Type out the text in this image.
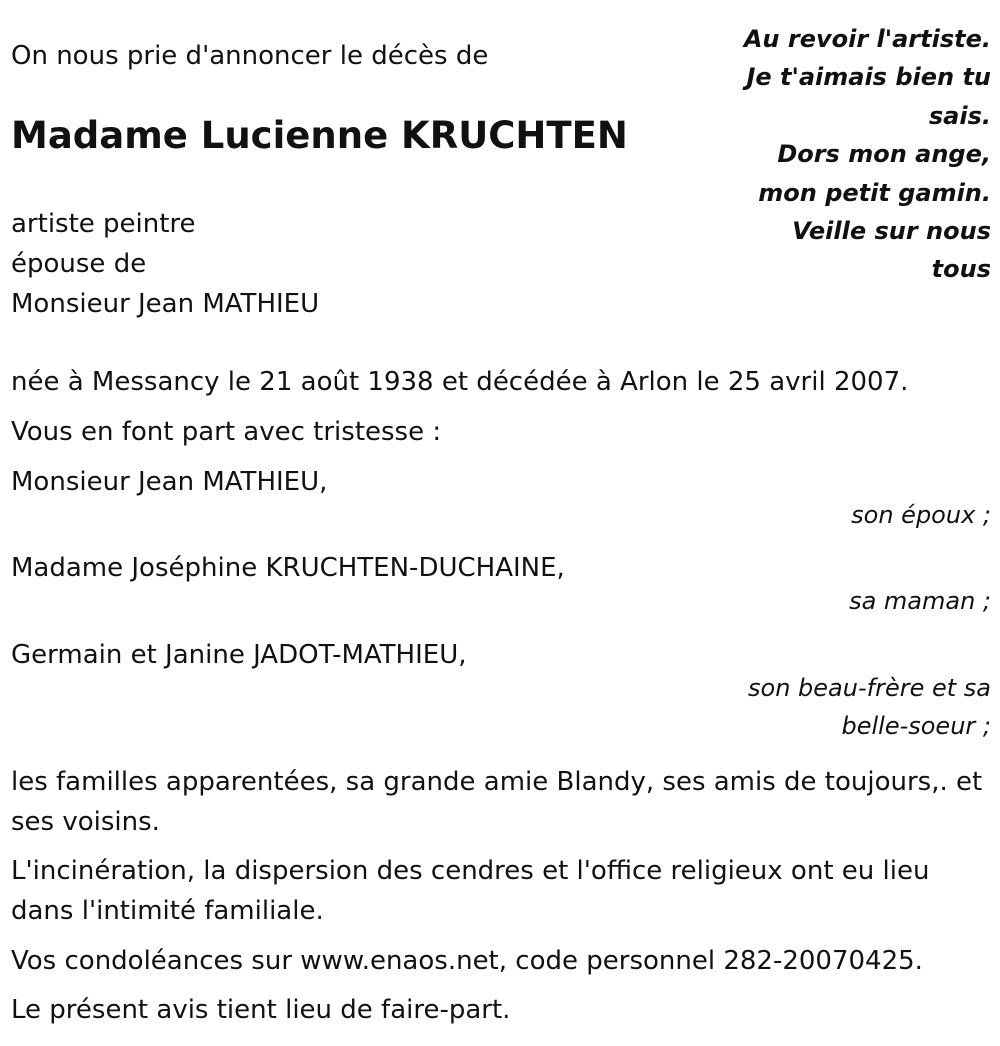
On nous prie d'annoncer le décès de
Madame Lucienne KRUCHTEN
Au revoir l'artiste.
Je t'aimais bien tu
sais.
Dors mon ange,
mon petit gamin.
Veille sur nous
tous
artiste peintre
épouse de
Monsieur Jean MATHIEU
née à Messancy le 21 août 1938 et décédée à Arlon le 25 avril 2007.
Vous en font part avec tristesse :
Monsieur Jean MATHIEU,
son époux ;
Madame Joséphine KRUCHTEN-DUCHAINE,
sa maman ;
Germain et Janine JADOT-MATHIEU,
son beau-frère et sa
belle-soeur ;
les familles apparentées, sa grande amie Blandy, ses amis de toujours,. et ses voisins.
L'incinération, la dispersion des cendres et l'office religieux ont eu lieu dans l'intimité familiale.
Vos condoléances sur www.enaos.net, code personnel 282-20070425.
Le présent avis tient lieu de faire-part.
